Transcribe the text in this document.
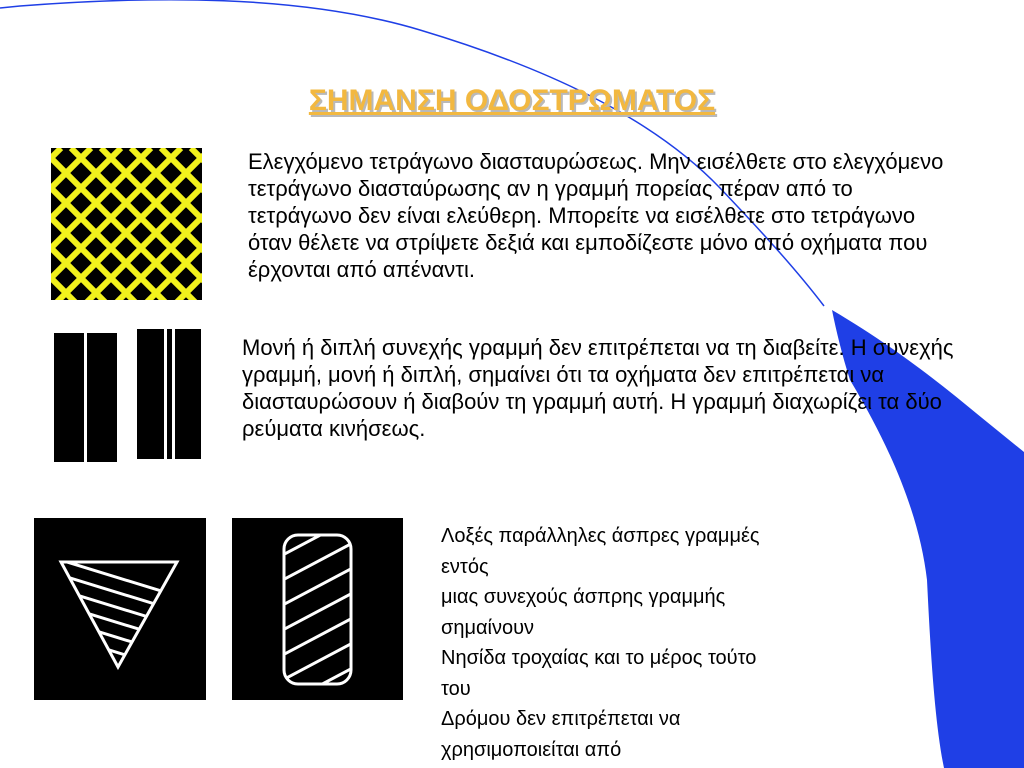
ΣΗΜΑΝΣΗ ΟΔΟΣΤΡΩΜΑΤΟΣ

Ελεγχόμενο τετράγωνο διασταυρώσεως. Μην εισέλθετε στο ελεγχόμενο τετράγωνο διασταύρωσης αν η γραμμή πορείας πέραν από το τετράγωνο δεν είναι ελεύθερη. Μπορείτε να εισέλθετε στο τετράγωνο όταν θέλετε να στρίψετε δεξιά και εμποδίζεστε μόνο από οχήματα που έρχονται από απέναντι.

Μονή ή διπλή συνεχής γραμμή δεν επιτρέπεται να τη διαβείτε. Η συνεχής γραμμή, μονή ή διπλή, σημαίνει ότι τα οχήματα δεν επιτρέπεται να διασταυρώσουν ή διαβούν τη γραμμή αυτή. Η γραμμή διαχωρίζει τα δύο ρεύματα κινήσεως.

Λοξές παράλληλες άσπρες γραμμές
εντός
μιας συνεχούς άσπρης γραμμής
σημαίνουν
Νησίδα τροχαίας και το μέρος τούτο
του
Δρόμου δεν επιτρέπεται να
χρησιμοποιείται από
